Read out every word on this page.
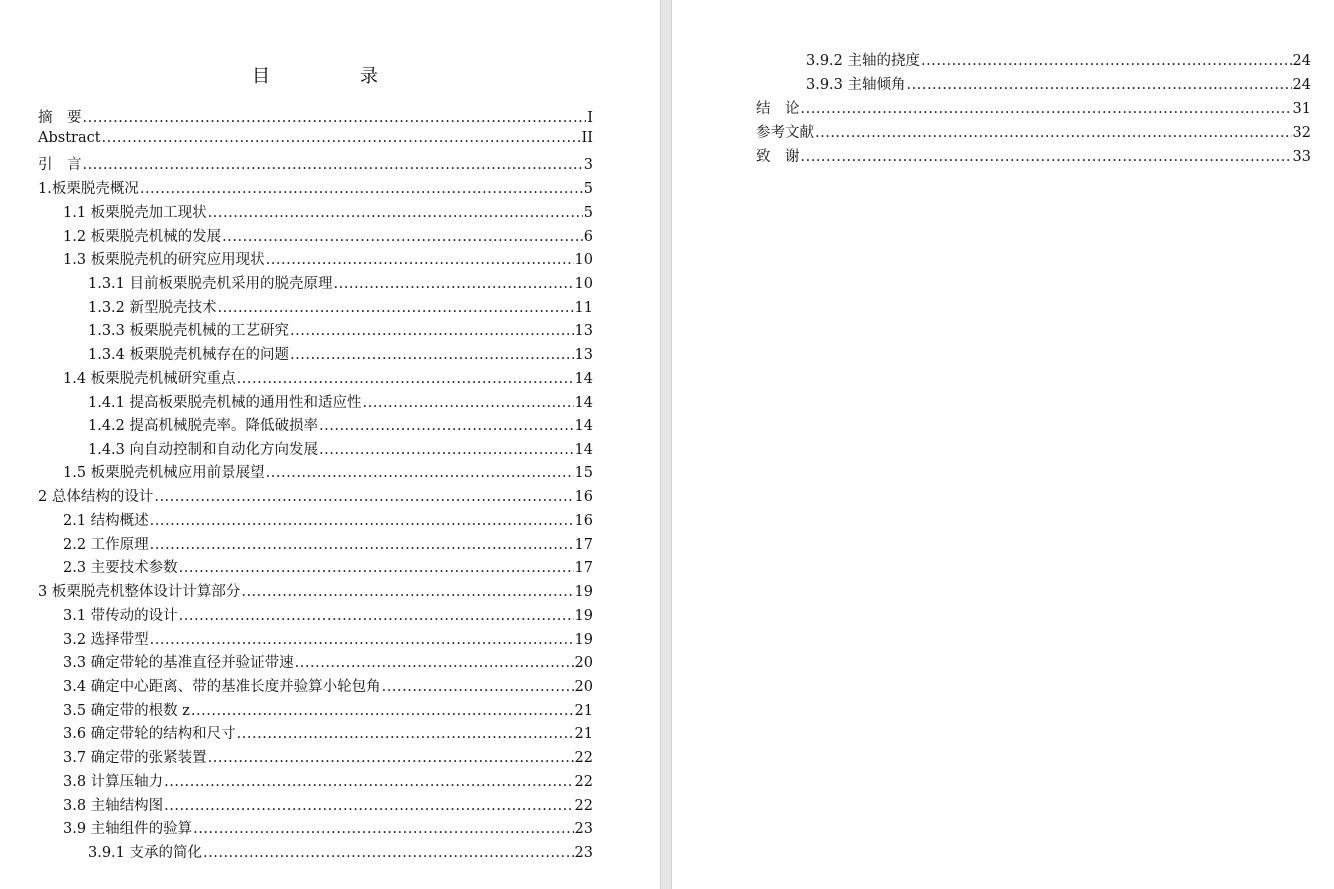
目　录
摘　要 .....	I
Abstract .....	II
引　言 .....	3
1.板栗脱壳概况 .....	5
1.1 板栗脱壳加工现状 .....	5
1.2 板栗脱壳机械的发展 .....	6
1.3 板栗脱壳机的研究应用现状 .....	10
1.3.1 目前板栗脱壳机采用的脱壳原理 .....	10
1.3.2 新型脱壳技术 .....	11
1.3.3 板栗脱壳机械的工艺研究 .....	13
1.3.4 板栗脱壳机械存在的问题 .....	13
1.4 板栗脱壳机械研究重点 .....	14
1.4.1 提高板栗脱壳机械的通用性和适应性 .....	14
1.4.2 提高机械脱壳率。降低破损率 .....	14
1.4.3 向自动控制和自动化方向发展 .....	14
1.5 板栗脱壳机械应用前景展望 .....	15
2 总体结构的设计 .....	16
2.1 结构概述 .....	16
2.2 工作原理 .....	17
2.3 主要技术参数 .....	17
3 板栗脱壳机整体设计计算部分 .....	19
3.1 带传动的设计 .....	19
3.2 选择带型 .....	19
3.3 确定带轮的基准直径并验证带速 .....	20
3.4 确定中心距离、带的基准长度并验算小轮包角 .....	20
3.5 确定带的根数 z .....	21
3.6 确定带轮的结构和尺寸 .....	21
3.7 确定带的张紧装置 .....	22
3.8 计算压轴力 .....	22
3.8 主轴结构图 .....	22
3.9 主轴组件的验算 .....	23
3.9.1 支承的简化 .....	23
3.9.2 主轴的挠度 .....	24
3.9.3 主轴倾角 .....	24
结　论 .....	31
参考文献 .....	32
致　谢 .....	33
